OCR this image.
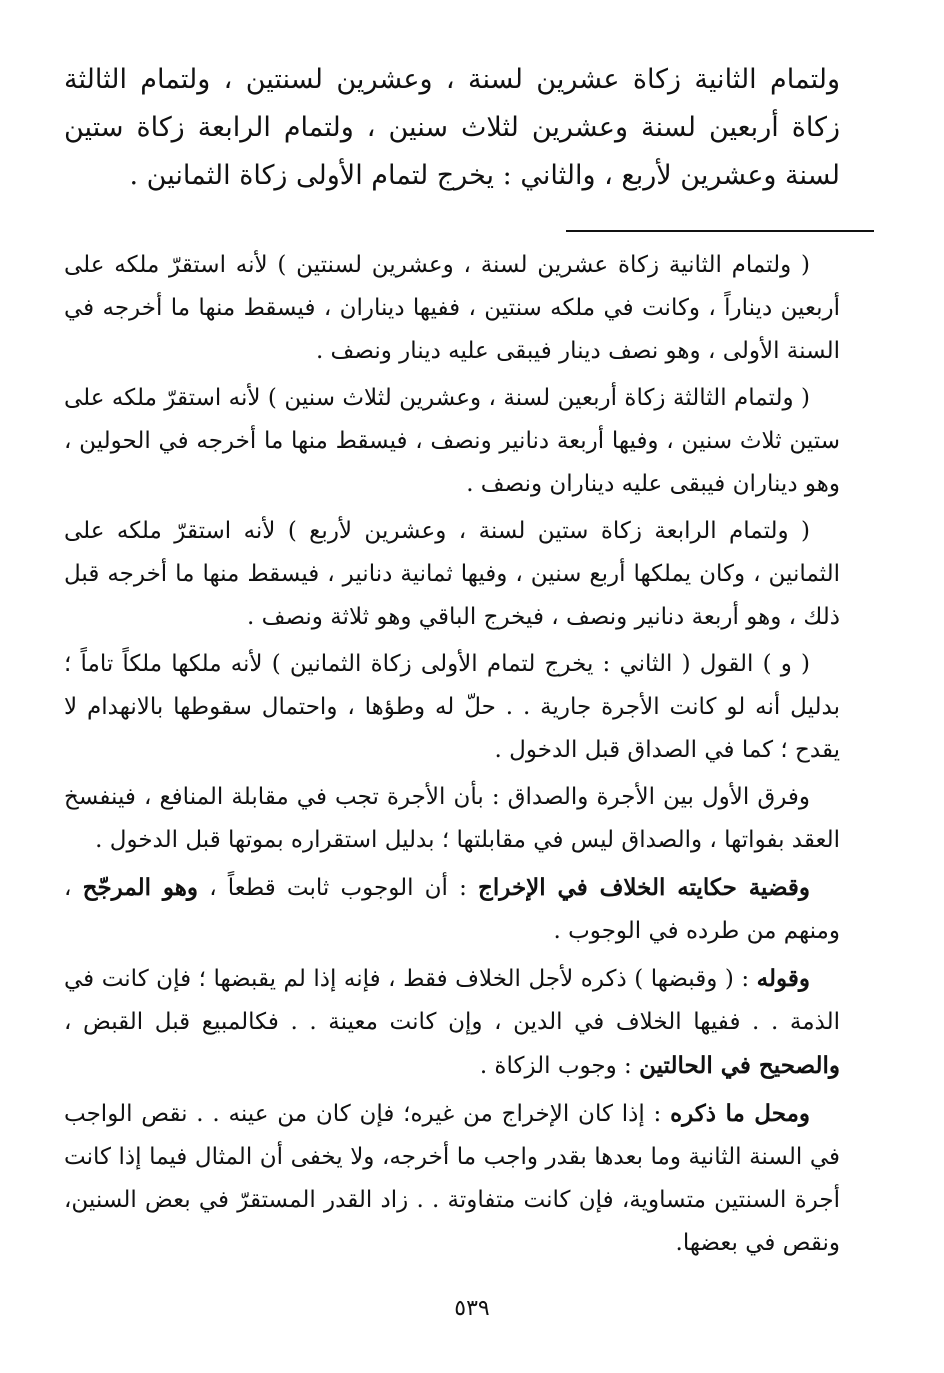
ولتمام الثانية زكاة عشرين لسنة ، وعشرين لسنتين ، ولتمام الثالثة زكاة أربعين لسنة وعشرين لثلاث سنين ، ولتمام الرابعة زكاة ستين لسنة وعشرين لأربع ، والثاني : يخرج لتمام الأولى زكاة الثمانين .

( ولتمام الثانية زكاة عشرين لسنة ، وعشرين لسنتين ) لأنه استقرّ ملكه على أربعين ديناراً ، وكانت في ملكه سنتين ، ففيها ديناران ، فيسقط منها ما أخرجه في السنة الأولى ، وهو نصف دينار فيبقى عليه دينار ونصف .

( ولتمام الثالثة زكاة أربعين لسنة ، وعشرين لثلاث سنين ) لأنه استقرّ ملكه على ستين ثلاث سنين ، وفيها أربعة دنانير ونصف ، فيسقط منها ما أخرجه في الحولين ، وهو ديناران فيبقى عليه ديناران ونصف .

( ولتمام الرابعة زكاة ستين لسنة ، وعشرين لأربع ) لأنه استقرّ ملكه على الثمانين ، وكان يملكها أربع سنين ، وفيها ثمانية دنانير ، فيسقط منها ما أخرجه قبل ذلك ، وهو أربعة دنانير ونصف ، فيخرج الباقي وهو ثلاثة ونصف .

( و ) القول ( الثاني : يخرج لتمام الأولى زكاة الثمانين ) لأنه ملكها ملكاً تاماً ؛ بدليل أنه لو كانت الأجرة جارية . . حلّ له وطؤها ، واحتمال سقوطها بالانهدام لا يقدح ؛ كما في الصداق قبل الدخول .

وفرق الأول بين الأجرة والصداق : بأن الأجرة تجب في مقابلة المنافع ، فينفسخ العقد بفواتها ، والصداق ليس في مقابلتها ؛ بدليل استقراره بموتها قبل الدخول .

وقضية حكايته الخلاف في الإخراج : أن الوجوب ثابت قطعاً ، وهو المرجّح ، ومنهم من طرده في الوجوب .

وقوله : ( وقبضها ) ذكره لأجل الخلاف فقط ، فإنه إذا لم يقبضها ؛ فإن كانت في الذمة . . ففيها الخلاف في الدين ، وإن كانت معينة . . فكالمبيع قبل القبض ، والصحيح في الحالتين : وجوب الزكاة .

ومحل ما ذكره : إذا كان الإخراج من غيره؛ فإن كان من عينه . . نقص الواجب في السنة الثانية وما بعدها بقدر واجب ما أخرجه، ولا يخفى أن المثال فيما إذا كانت أجرة السنتين متساوية، فإن كانت متفاوتة . . زاد القدر المستقرّ في بعض السنين، ونقص في بعضها.

٥٣٩
